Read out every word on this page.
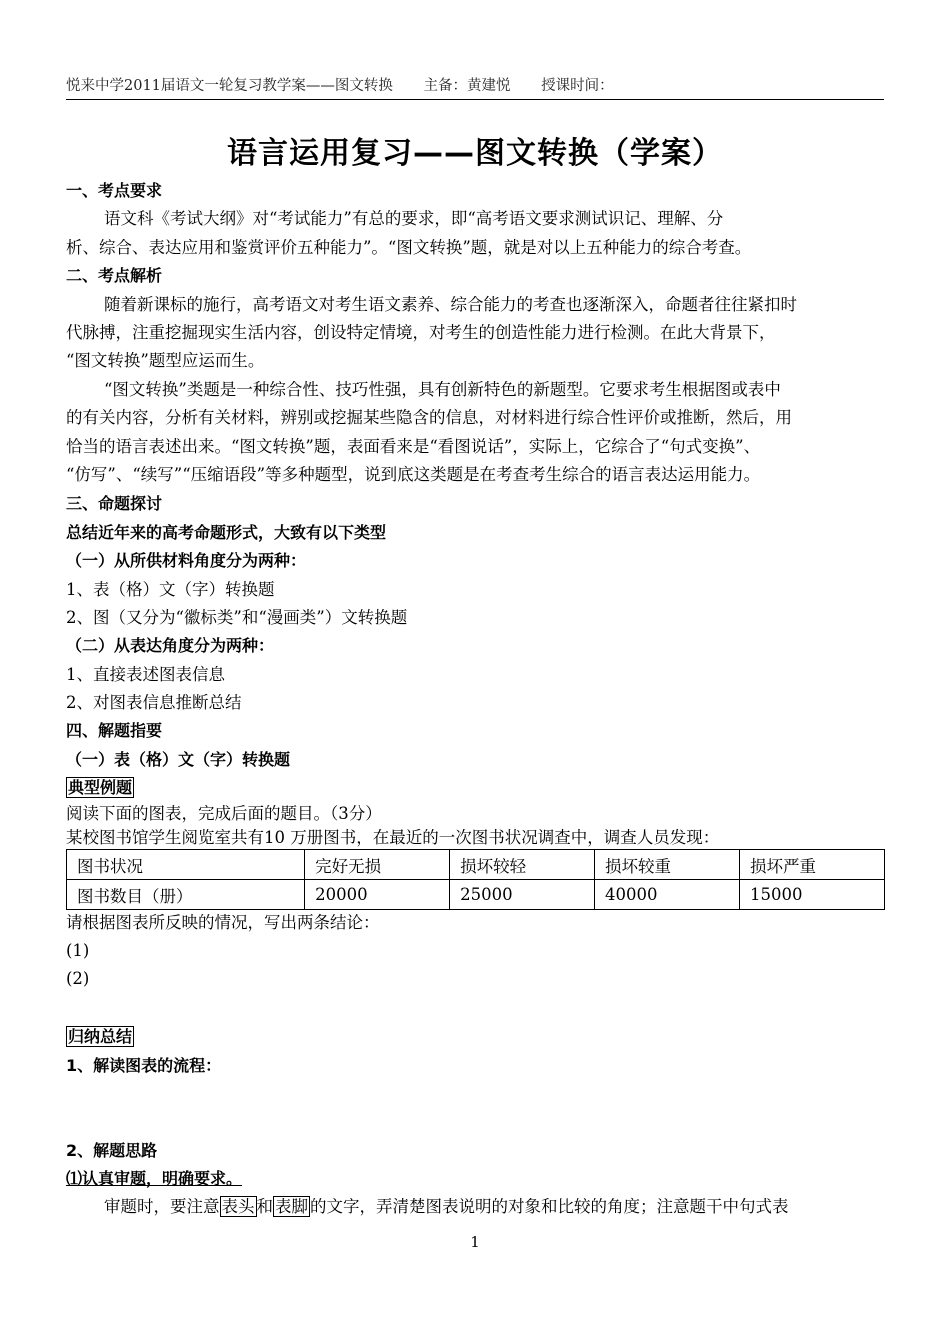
悦来中学2011届语文一轮复习教学案——图文转换 主备：黄建悦 授课时间：
语言运用复习——图文转换（学案）
一、考点要求
语文科《考试大纲》对“考试能力”有总的要求，即“高考语文要求测试识记、理解、分
析、综合、表达应用和鉴赏评价五种能力”。“图文转换”题，就是对以上五种能力的综合考查。
二、考点解析
随着新课标的施行，高考语文对考生语文素养、综合能力的考查也逐渐深入，命题者往往紧扣时
代脉搏，注重挖掘现实生活内容，创设特定情境，对考生的创造性能力进行检测。在此大背景下，
“图文转换”题型应运而生。
“图文转换”类题是一种综合性、技巧性强，具有创新特色的新题型。它要求考生根据图或表中
的有关内容，分析有关材料，辨别或挖掘某些隐含的信息，对材料进行综合性评价或推断，然后，用
恰当的语言表述出来。“图文转换”题，表面看来是“看图说话”，实际上，它综合了“句式变换”、
“仿写”、“续写”“压缩语段”等多种题型，说到底这类题是在考查考生综合的语言表达运用能力。
三、命题探讨
总结近年来的高考命题形式，大致有以下类型
（一）从所供材料角度分为两种：
1、表（格）文（字）转换题
2、图（又分为“徽标类”和“漫画类”）文转换题
（二）从表达角度分为两种：
1、直接表述图表信息
2、对图表信息推断总结
四、解题指要
（一）表（格）文（字）转换题
典型例题
阅读下面的图表，完成后面的题目。（3分）
某校图书馆学生阅览室共有10 万册图书，在最近的一次图书状况调查中，调查人员发现：
图书状况	完好无损	损坏较轻	损坏较重	损坏严重
图书数目（册）	20000	25000	40000	15000
请根据图表所反映的情况，写出两条结论：
(1)
(2)
归纳总结
1、解读图表的流程：
2、解题思路
⑴认真审题，明确要求。
审题时，要注意 表头 和 表脚 的文字，弄清楚图表说明的对象和比较的角度；注意题干中句式表
1
